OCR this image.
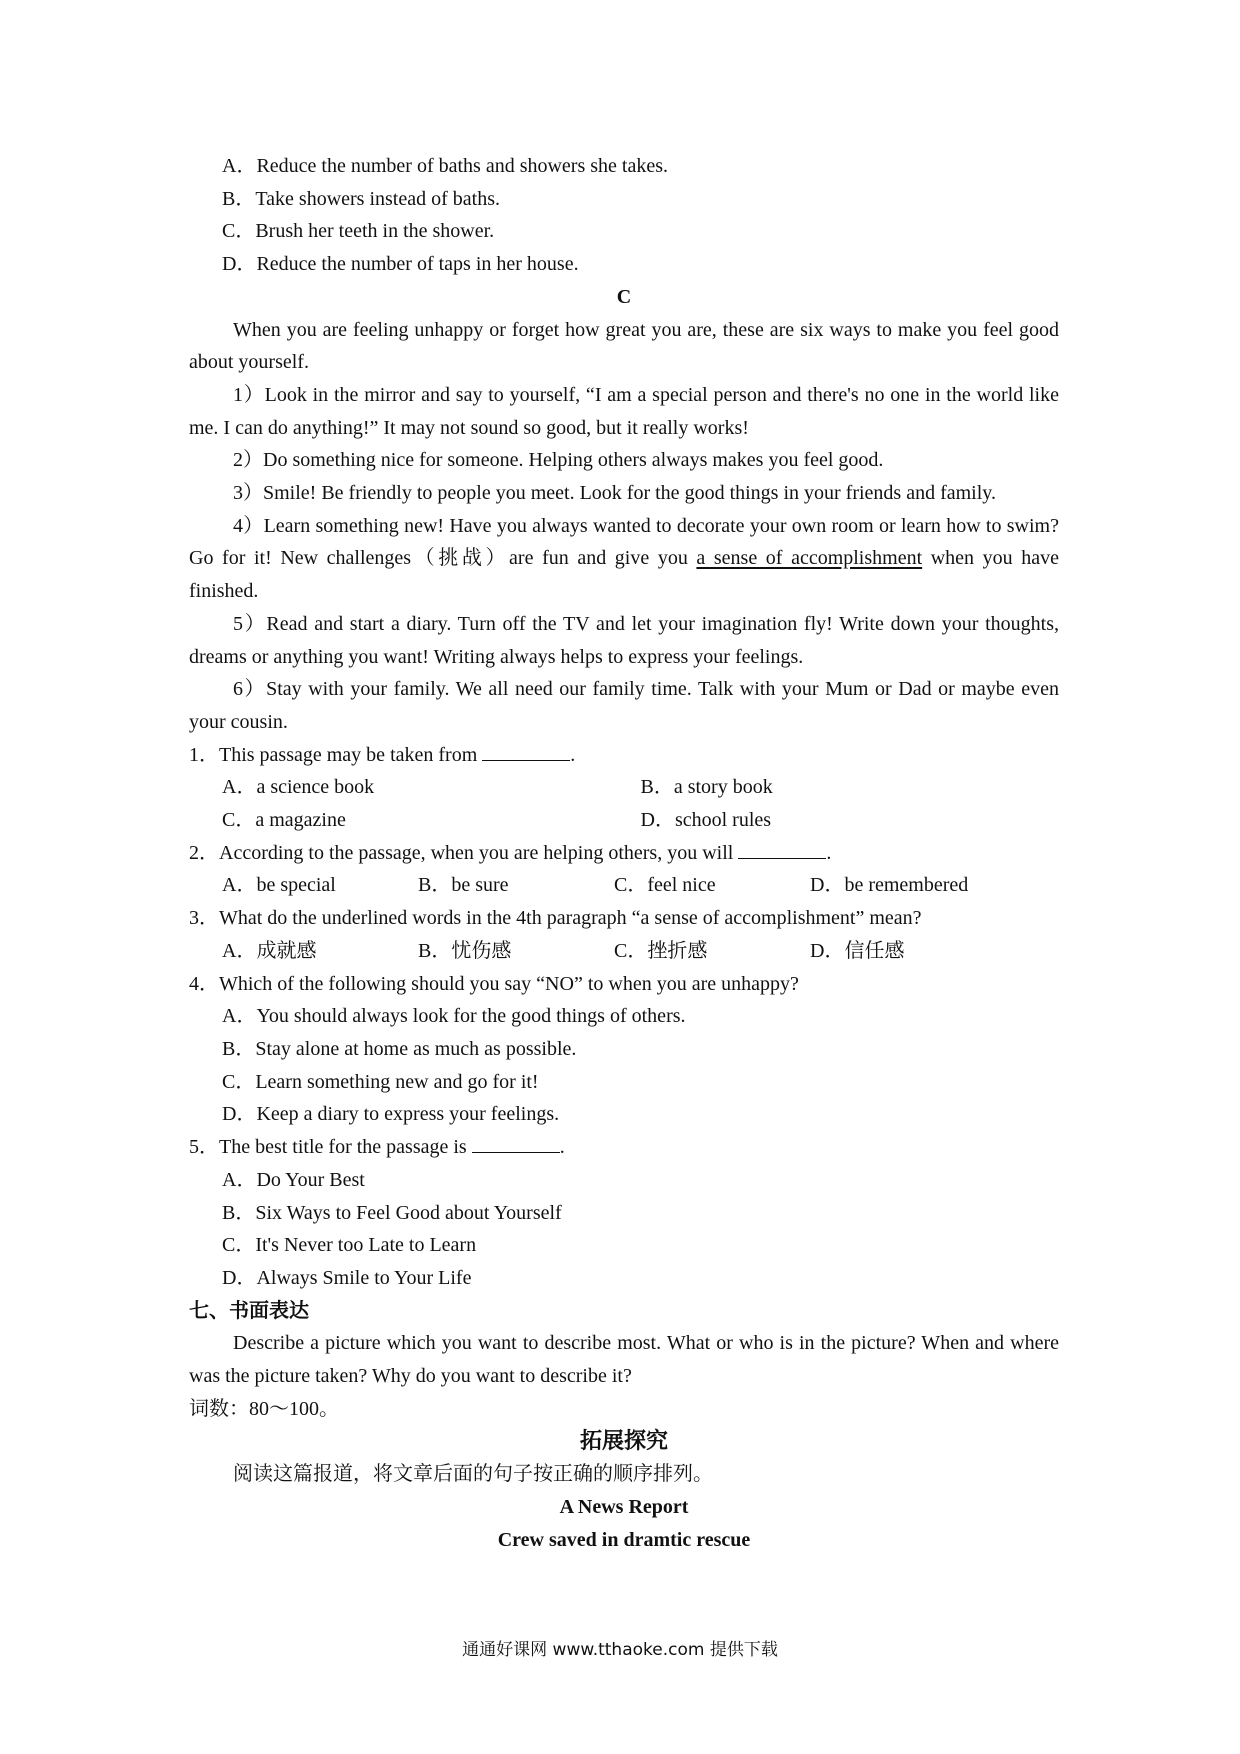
A．Reduce the number of baths and showers she takes.
B．Take showers instead of baths.
C．Brush her teeth in the shower.
D．Reduce the number of taps in her house.
C
When you are feeling unhappy or forget how great you are, these are six ways to make you feel good about yourself.
1）Look in the mirror and say to yourself, “I am a special person and there's no one in the world like me. I can do anything!” It may not sound so good, but it really works!
2）Do something nice for someone. Helping others always makes you feel good.
3）Smile! Be friendly to people you meet. Look for the good things in your friends and family.
4）Learn something new! Have you always wanted to decorate your own room or learn how to swim? Go for it! New challenges（挑战）are fun and give you a sense of accomplishment when you have finished.
5）Read and start a diary. Turn off the TV and let your imagination fly! Write down your thoughts, dreams or anything you want! Writing always helps to express your feelings.
6）Stay with your family. We all need our family time. Talk with your Mum or Dad or maybe even your cousin.
1．This passage may be taken from	.
A．a science book	B．a story book
C．a magazine	D．school rules
2．According to the passage, when you are helping others, you will	.
A．be special	B．be sure	C．feel nice	D．be remembered
3．What do the underlined words in the 4th paragraph “a sense of accomplishment” mean?
A．成就感	B．忧伤感	C．挫折感	D．信任感
4．Which of the following should you say “NO” to when you are unhappy?
A．You should always look for the good things of others.
B．Stay alone at home as much as possible.
C．Learn something new and go for it!
D．Keep a diary to express your feelings.
5．The best title for the passage is	.
A．Do Your Best
B．Six Ways to Feel Good about Yourself
C．It's Never too Late to Learn
D．Always Smile to Your Life
七、书面表达
Describe a picture which you want to describe most. What or who is in the picture? When and where was the picture taken? Why do you want to describe it?
词数：80～100。
拓展探究
阅读这篇报道，将文章后面的句子按正确的顺序排列。
A News Report
Crew saved in dramtic rescue
通通好课网 www.tthaoke.com 提供下载
